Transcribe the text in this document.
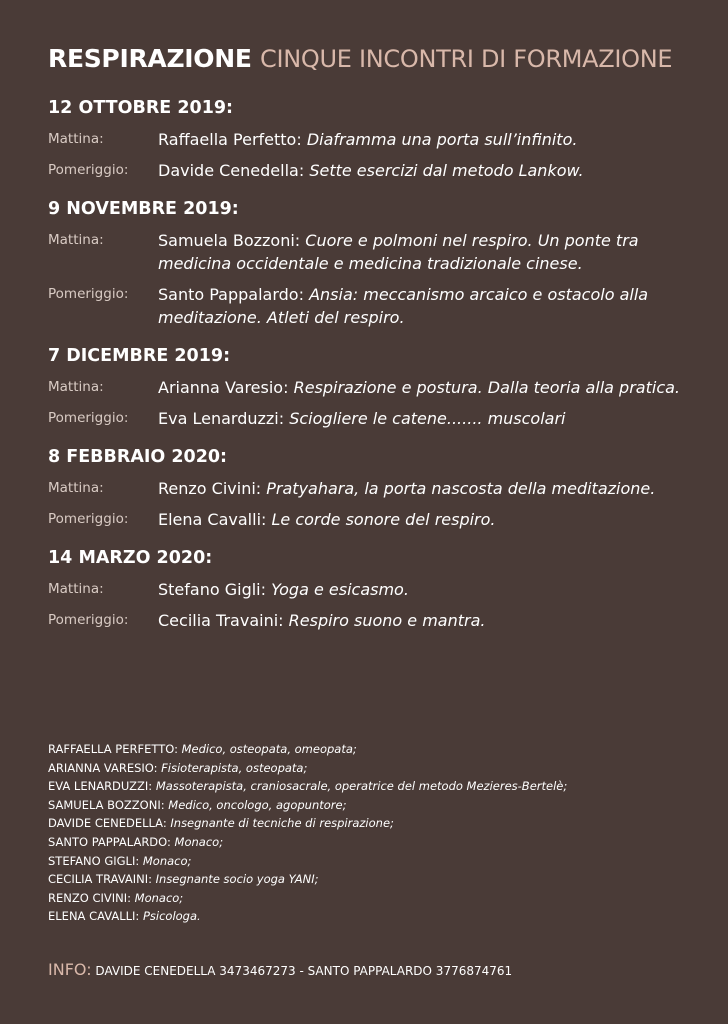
RESPIRAZIONE CINQUE INCONTRI DI FORMAZIONE
12 OTTOBRE 2019:
Mattina:	Raffaella Perfetto: Diaframma una porta sull’infinito.
Pomeriggio:	Davide Cenedella: Sette esercizi dal metodo Lankow.
9 NOVEMBRE 2019:
Mattina:	Samuela Bozzoni: Cuore e polmoni nel respiro. Un ponte tra medicina occidentale e medicina tradizionale cinese.
Pomeriggio:	Santo Pappalardo: Ansia: meccanismo arcaico e ostacolo alla meditazione. Atleti del respiro.
7 DICEMBRE 2019:
Mattina:	Arianna Varesio: Respirazione e postura. Dalla teoria alla pratica.
Pomeriggio:	Eva Lenarduzzi: Sciogliere le catene....... muscolari
8 FEBBRAIO 2020:
Mattina:	Renzo Civini: Pratyahara, la porta nascosta della meditazione.
Pomeriggio:	Elena Cavalli: Le corde sonore del respiro.
14 MARZO 2020:
Mattina:	Stefano Gigli: Yoga e esicasmo.
Pomeriggio:	Cecilia Travaini: Respiro suono e mantra.
RAFFAELLA PERFETTO: Medico, osteopata, omeopata;
ARIANNA VARESIO: Fisioterapista, osteopata;
EVA LENARDUZZI: Massoterapista, craniosacrale, operatrice del metodo Mezieres-Bertelè;
SAMUELA BOZZONI: Medico, oncologo, agopuntore;
DAVIDE CENEDELLA: Insegnante di tecniche di respirazione;
SANTO PAPPALARDO: Monaco;
STEFANO GIGLI: Monaco;
CECILIA TRAVAINI: Insegnante socio yoga YANI;
RENZO CIVINI: Monaco;
ELENA CAVALLI: Psicologa.
INFO: DAVIDE CENEDELLA 3473467273 - SANTO PAPPALARDO 3776874761
